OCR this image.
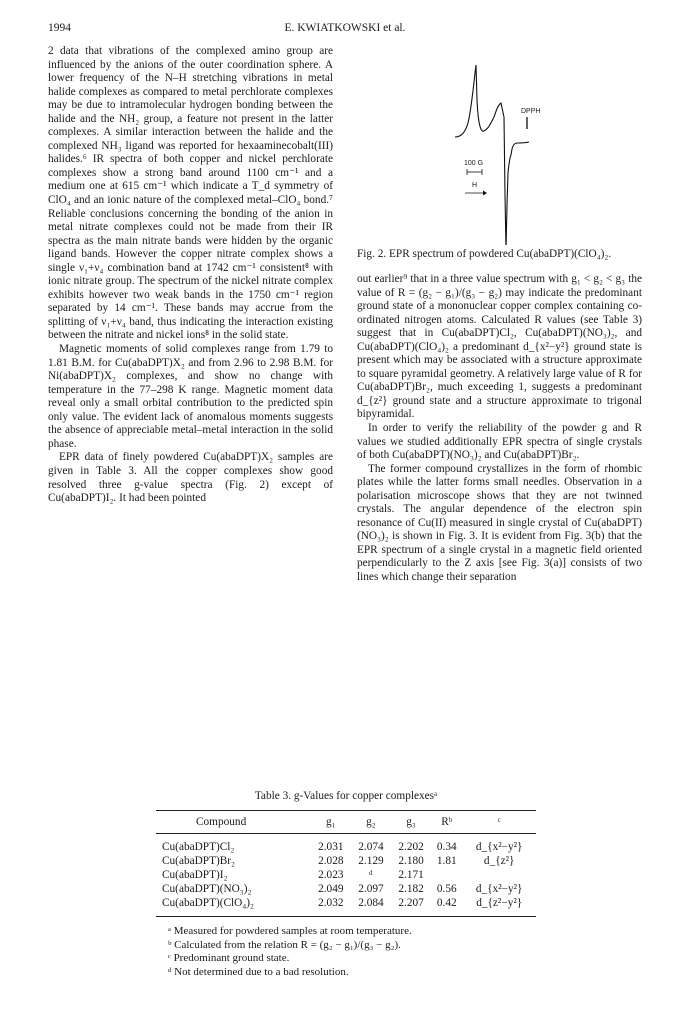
1994	E. KWIATKOWSKI et al.

2 data that vibrations of the complexed amino group are influenced by the anions of the outer coordination sphere. A lower frequency of the N–H stretching vibrations in metal halide complexes as compared to metal perchlorate complexes may be due to intramolecular hydrogen bonding between the halide and the NH₂ group, a feature not present in the latter complexes. A similar interaction between the halide and the complexed NH₃ ligand was reported for hexaaminecobalt(III) halides.⁶ IR spectra of both copper and nickel perchlorate complexes show a strong band around 1100 cm⁻¹ and a medium one at 615 cm⁻¹ which indicate a T_d symmetry of ClO₄ and an ionic nature of the complexed metal–ClO₄ bond.⁷ Reliable conclusions concerning the bonding of the anion in metal nitrate complexes could not be made from their IR spectra as the main nitrate bands were hidden by the organic ligand bands. However the copper nitrate complex shows a single ν₁+ν₄ combination band at 1742 cm⁻¹ consistent⁸ with ionic nitrate group. The spectrum of the nickel nitrate complex exhibits however two weak bands in the 1750 cm⁻¹ region separated by 14 cm⁻¹. These bands may accrue from the splitting of ν₁+ν₄ band, thus indicating the interaction existing between the nitrate and nickel ions⁸ in the solid state.

Magnetic moments of solid complexes range from 1.79 to 1.81 B.M. for Cu(abaDPT)X₂ and from 2.96 to 2.98 B.M. for Ni(abaDPT)X₂ complexes, and show no change with temperature in the 77–298 K range. Magnetic moment data reveal only a small orbital contribution to the predicted spin only value. The evident lack of anomalous moments suggests the absence of appreciable metal–metal interaction in the solid phase.

EPR data of finely powdered Cu(abaDPT)X₂ samples are given in Table 3. All the copper complexes show good resolved three g-value spectra (Fig. 2) except of Cu(abaDPT)I₂. It had been pointed

DPPH
100 G
H
Fig. 2. EPR spectrum of powdered Cu(abaDPT)(ClO₄)₂.

out earlier⁹ that in a three value spectrum with g₁ < g₂ < g₃ the value of R = (g₂ − g₁)/(g₃ − g₂) may indicate the predominant ground state of a mononuclear copper complex containing co-ordinated nitrogen atoms. Calculated R values (see Table 3) suggest that in Cu(abaDPT)Cl₂, Cu(abaDPT)(NO₃)₂, and Cu(abaDPT)(ClO₄)₂ a predominant d_{x²−y²} ground state is present which may be associated with a structure approximate to square pyramidal geometry. A relatively large value of R for Cu(abaDPT)Br₂, much exceeding 1, suggests a predominant d_{z²} ground state and a structure approximate to trigonal bipyramidal.

In order to verify the reliability of the powder g and R values we studied additionally EPR spectra of single crystals of both Cu(abaDPT)(NO₃)₂ and Cu(abaDPT)Br₂.

The former compound crystallizes in the form of rhombic plates while the latter forms small needles. Observation in a polarisation microscope shows that they are not twinned crystals. The angular dependence of the electron spin resonance of Cu(II) measured in single crystal of Cu(abaDPT)(NO₃)₂ is shown in Fig. 3. It is evident from Fig. 3(b) that the EPR spectrum of a single crystal in a magnetic field oriented perpendicularly to the Z axis [see Fig. 3(a)] consists of two lines which change their separation

Table 3. g-Values for copper complexesᵃ
Compound	g₁	g₂	g₃	Rᵇ	ᶜ
Cu(abaDPT)Cl₂	2.031	2.074	2.202	0.34	d_{x²−y²}
Cu(abaDPT)Br₂	2.028	2.129	2.180	1.81	d_{z²}
Cu(abaDPT)I₂	2.023	ᵈ	2.171		
Cu(abaDPT)(NO₃)₂	2.049	2.097	2.182	0.56	d_{x²−y²}
Cu(abaDPT)(ClO₄)₂	2.032	2.084	2.207	0.42	d_{z²−y²}
ᵃ Measured for powdered samples at room temperature.
ᵇ Calculated from the relation R = (g₂ − g₁)/(g₃ − g₂).
ᶜ Predominant ground state.
ᵈ Not determined due to a bad resolution.
